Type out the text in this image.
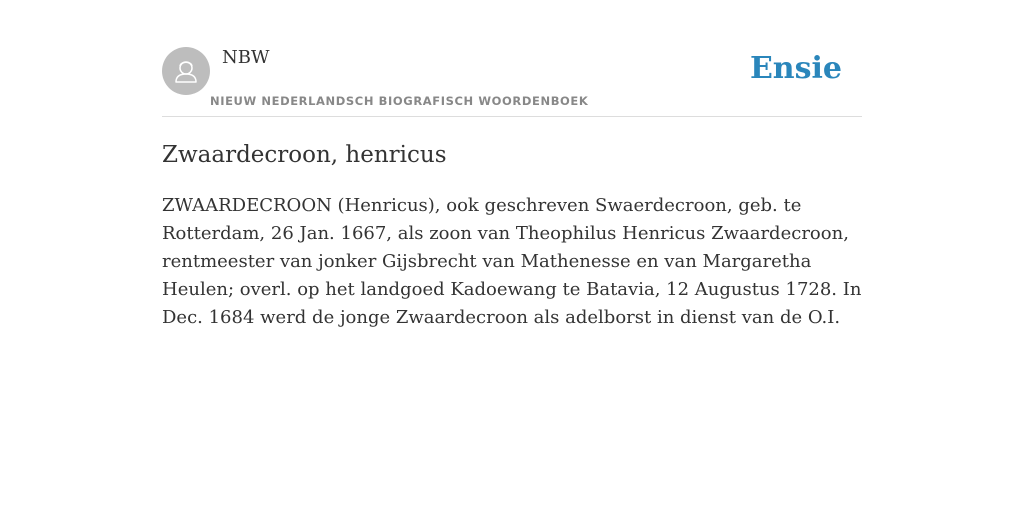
NBW
NIEUW NEDERLANDSCH BIOGRAFISCH WOORDENBOEK
Ensie
Zwaardecroon, henricus

ZWAARDECROON (Henricus), ook geschreven Swaerdecroon, geb. te Rotterdam, 26 Jan. 1667, als zoon van Theophilus Henricus Zwaardecroon, rentmeester van jonker Gijsbrecht van Mathenesse en van Margaretha Heulen; overl. op het landgoed Kadoewang te Batavia, 12 Augustus 1728. In Dec. 1684 werd de jonge Zwaardecroon als adelborst in dienst van de O.I.
